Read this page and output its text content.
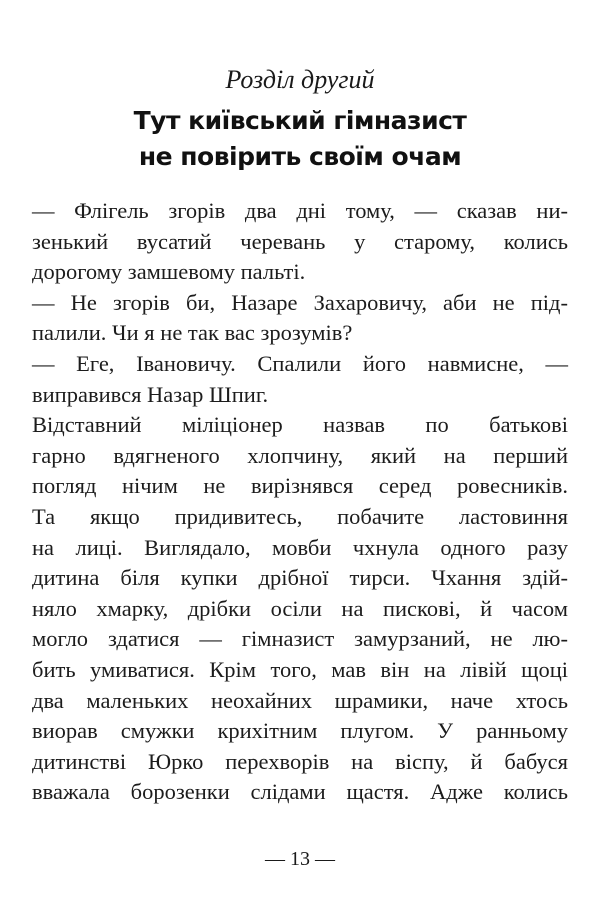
Розділ другий
Тут київський гімназист
не повірить своїм очам
— Флігель згорів два дні тому, — сказав ни-
зенький вусатий черевань у старому, колись
дорогому замшевому пальті.
— Не згорів би, Назаре Захаровичу, аби не під-
палили. Чи я не так вас зрозумів?
— Еге, Івановичу. Спалили його навмисне, —
виправився Назар Шпиг.
Відставний міліціонер назвав по батькові
гарно вдягненого хлопчину, який на перший
погляд нічим не вирізнявся серед ровесників.
Та якщо придивитесь, побачите ластовиння
на лиці. Виглядало, мовби чхнула одного разу
дитина біля купки дрібної тирси. Чхання здій-
няло хмарку, дрібки осіли на пискові, й часом
могло здатися — гімназист замурзаний, не лю-
бить умиватися. Крім того, мав він на лівій щоці
два маленьких неохайних шрамики, наче хтось
виорав смужки крихітним плугом. У ранньому
дитинстві Юрко перехворів на віспу, й бабуся
вважала борозенки слідами щастя. Адже колись
— 13 —
